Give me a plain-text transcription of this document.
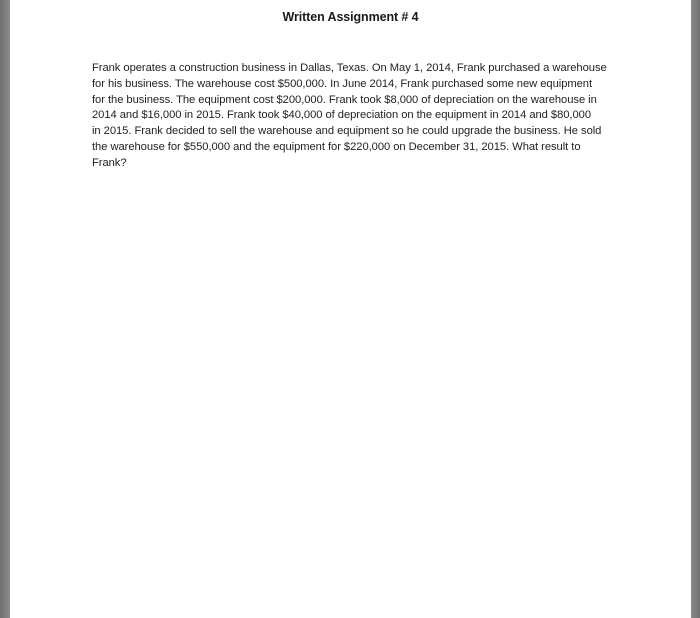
Written Assignment # 4
Frank operates a construction business in Dallas, Texas. On May 1, 2014, Frank purchased a warehouse
for his business. The warehouse cost $500,000. In June 2014, Frank purchased some new equipment
for the business. The equipment cost $200,000. Frank took $8,000 of depreciation on the warehouse in
2014 and $16,000 in 2015. Frank took $40,000 of depreciation on the equipment in 2014 and $80,000
in 2015. Frank decided to sell the warehouse and equipment so he could upgrade the business. He sold
the warehouse for $550,000 and the equipment for $220,000 on December 31, 2015. What result to
Frank?
